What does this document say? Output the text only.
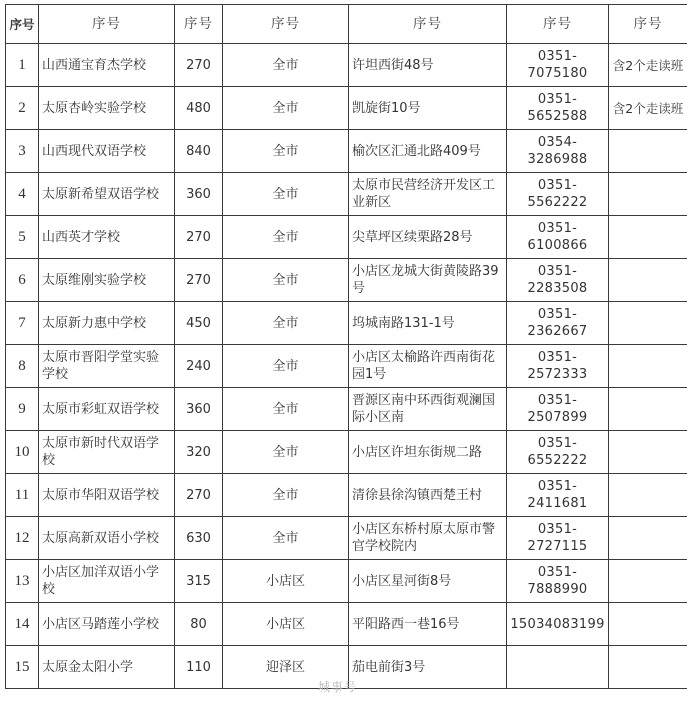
序号	序号	序号	序号	序号	序号	序号
1	山西通宝育杰学校	270	全市	许坦西街48号	0351-7075180	含2个走读班
2	太原杏岭实验学校	480	全市	凯旋街10号	0351-5652588	含2个走读班
3	山西现代双语学校	840	全市	榆次区汇通北路409号	0354-3286988	
4	太原新希望双语学校	360	全市	太原市民营经济开发区工业新区	0351-5562222	
5	山西英才学校	270	全市	尖草坪区续栗路28号	0351-6100866	
6	太原维刚实验学校	270	全市	小店区龙城大街黄陵路39号	0351-2283508	
7	太原新力惠中学校	450	全市	坞城南路131-1号	0351-2362667	
8	太原市晋阳学堂实验学校	240	全市	小店区太榆路许西南街花园1号	0351-2572333	
9	太原市彩虹双语学校	360	全市	晋源区南中环西街观澜国际小区南	0351-2507899	
10	太原市新时代双语学校	320	全市	小店区许坦东街规二路	0351-6552222	
11	太原市华阳双语学校	270	全市	清徐县徐沟镇西楚王村	0351-2411681	
12	太原高新双语小学校	630	全市	小店区东桥村原太原市警官学校院内	0351-2727115	
13	小店区加洋双语小学校	315	小店区	小店区星河街8号	0351-7888990	
14	小店区马踏莲小学校	80	小店区	平阳路西一巷16号	15034083199	
15	太原金太阳小学	110	迎泽区	茄电前街3号		
城事号
